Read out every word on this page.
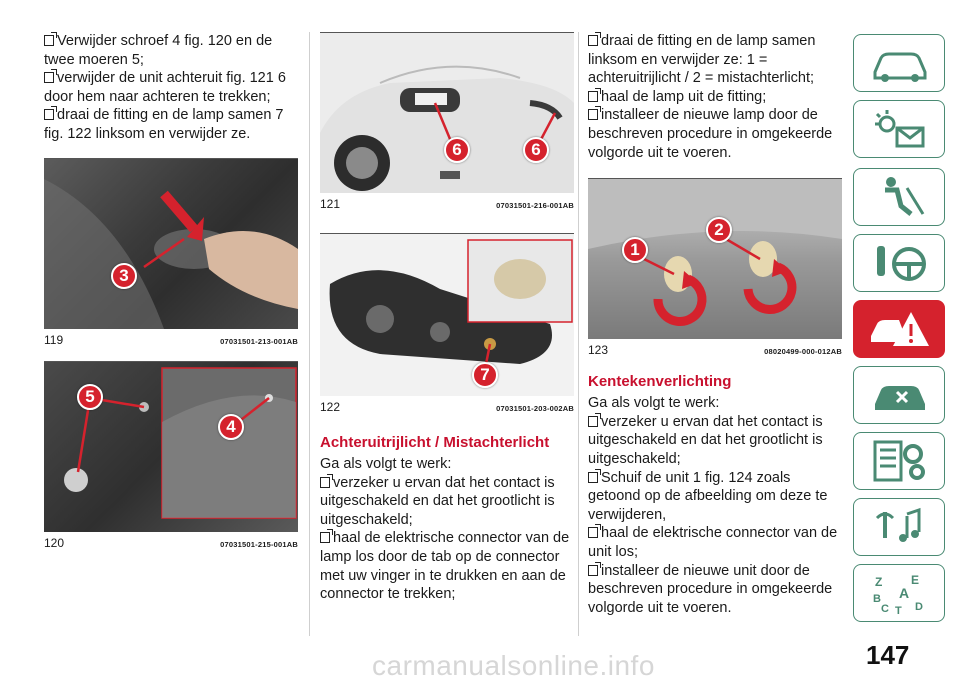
Verwijder schroef 4 fig. 120 en de twee moeren 5;

verwijder de unit achteruit fig. 121 6 door hem naar achteren te trekken;

draai de fitting en de lamp samen 7 fig. 122 linksom en verwijder ze.

3
119	07031501-213-001AB
5
4
120	07031501-215-001AB
6	6
121	07031501-216-001AB
7
122	07031501-203-002AB
Achteruitrijlicht / Mistachterlicht

Ga als volgt te werk:

verzeker u ervan dat het contact is uitgeschakeld en dat het grootlicht is uitgeschakeld;

haal de elektrische connector van de lamp los door de tab op de connector met uw vinger in te drukken en aan de connector te trekken;

draai de fitting en de lamp samen linksom en verwijder ze: 1 = achteruitrijlicht / 2 = mistachterlicht;

haal de lamp uit de fitting;

installeer de nieuwe lamp door de beschreven procedure in omgekeerde volgorde uit te voeren.

1
2
123	08020499-000-012AB
Kentekenverlichting

Ga als volgt te werk:

verzeker u ervan dat het contact is uitgeschakeld en dat het grootlicht is uitgeschakeld;

Schuif de unit 1 fig. 124 zoals getoond op de afbeelding om deze te verwijderen,

haal de elektrische connector van de unit los;

installeer de nieuwe unit door de beschreven procedure in omgekeerde volgorde uit te voeren.

Z E
A
B
C T D
147
carmanualsonline.info
